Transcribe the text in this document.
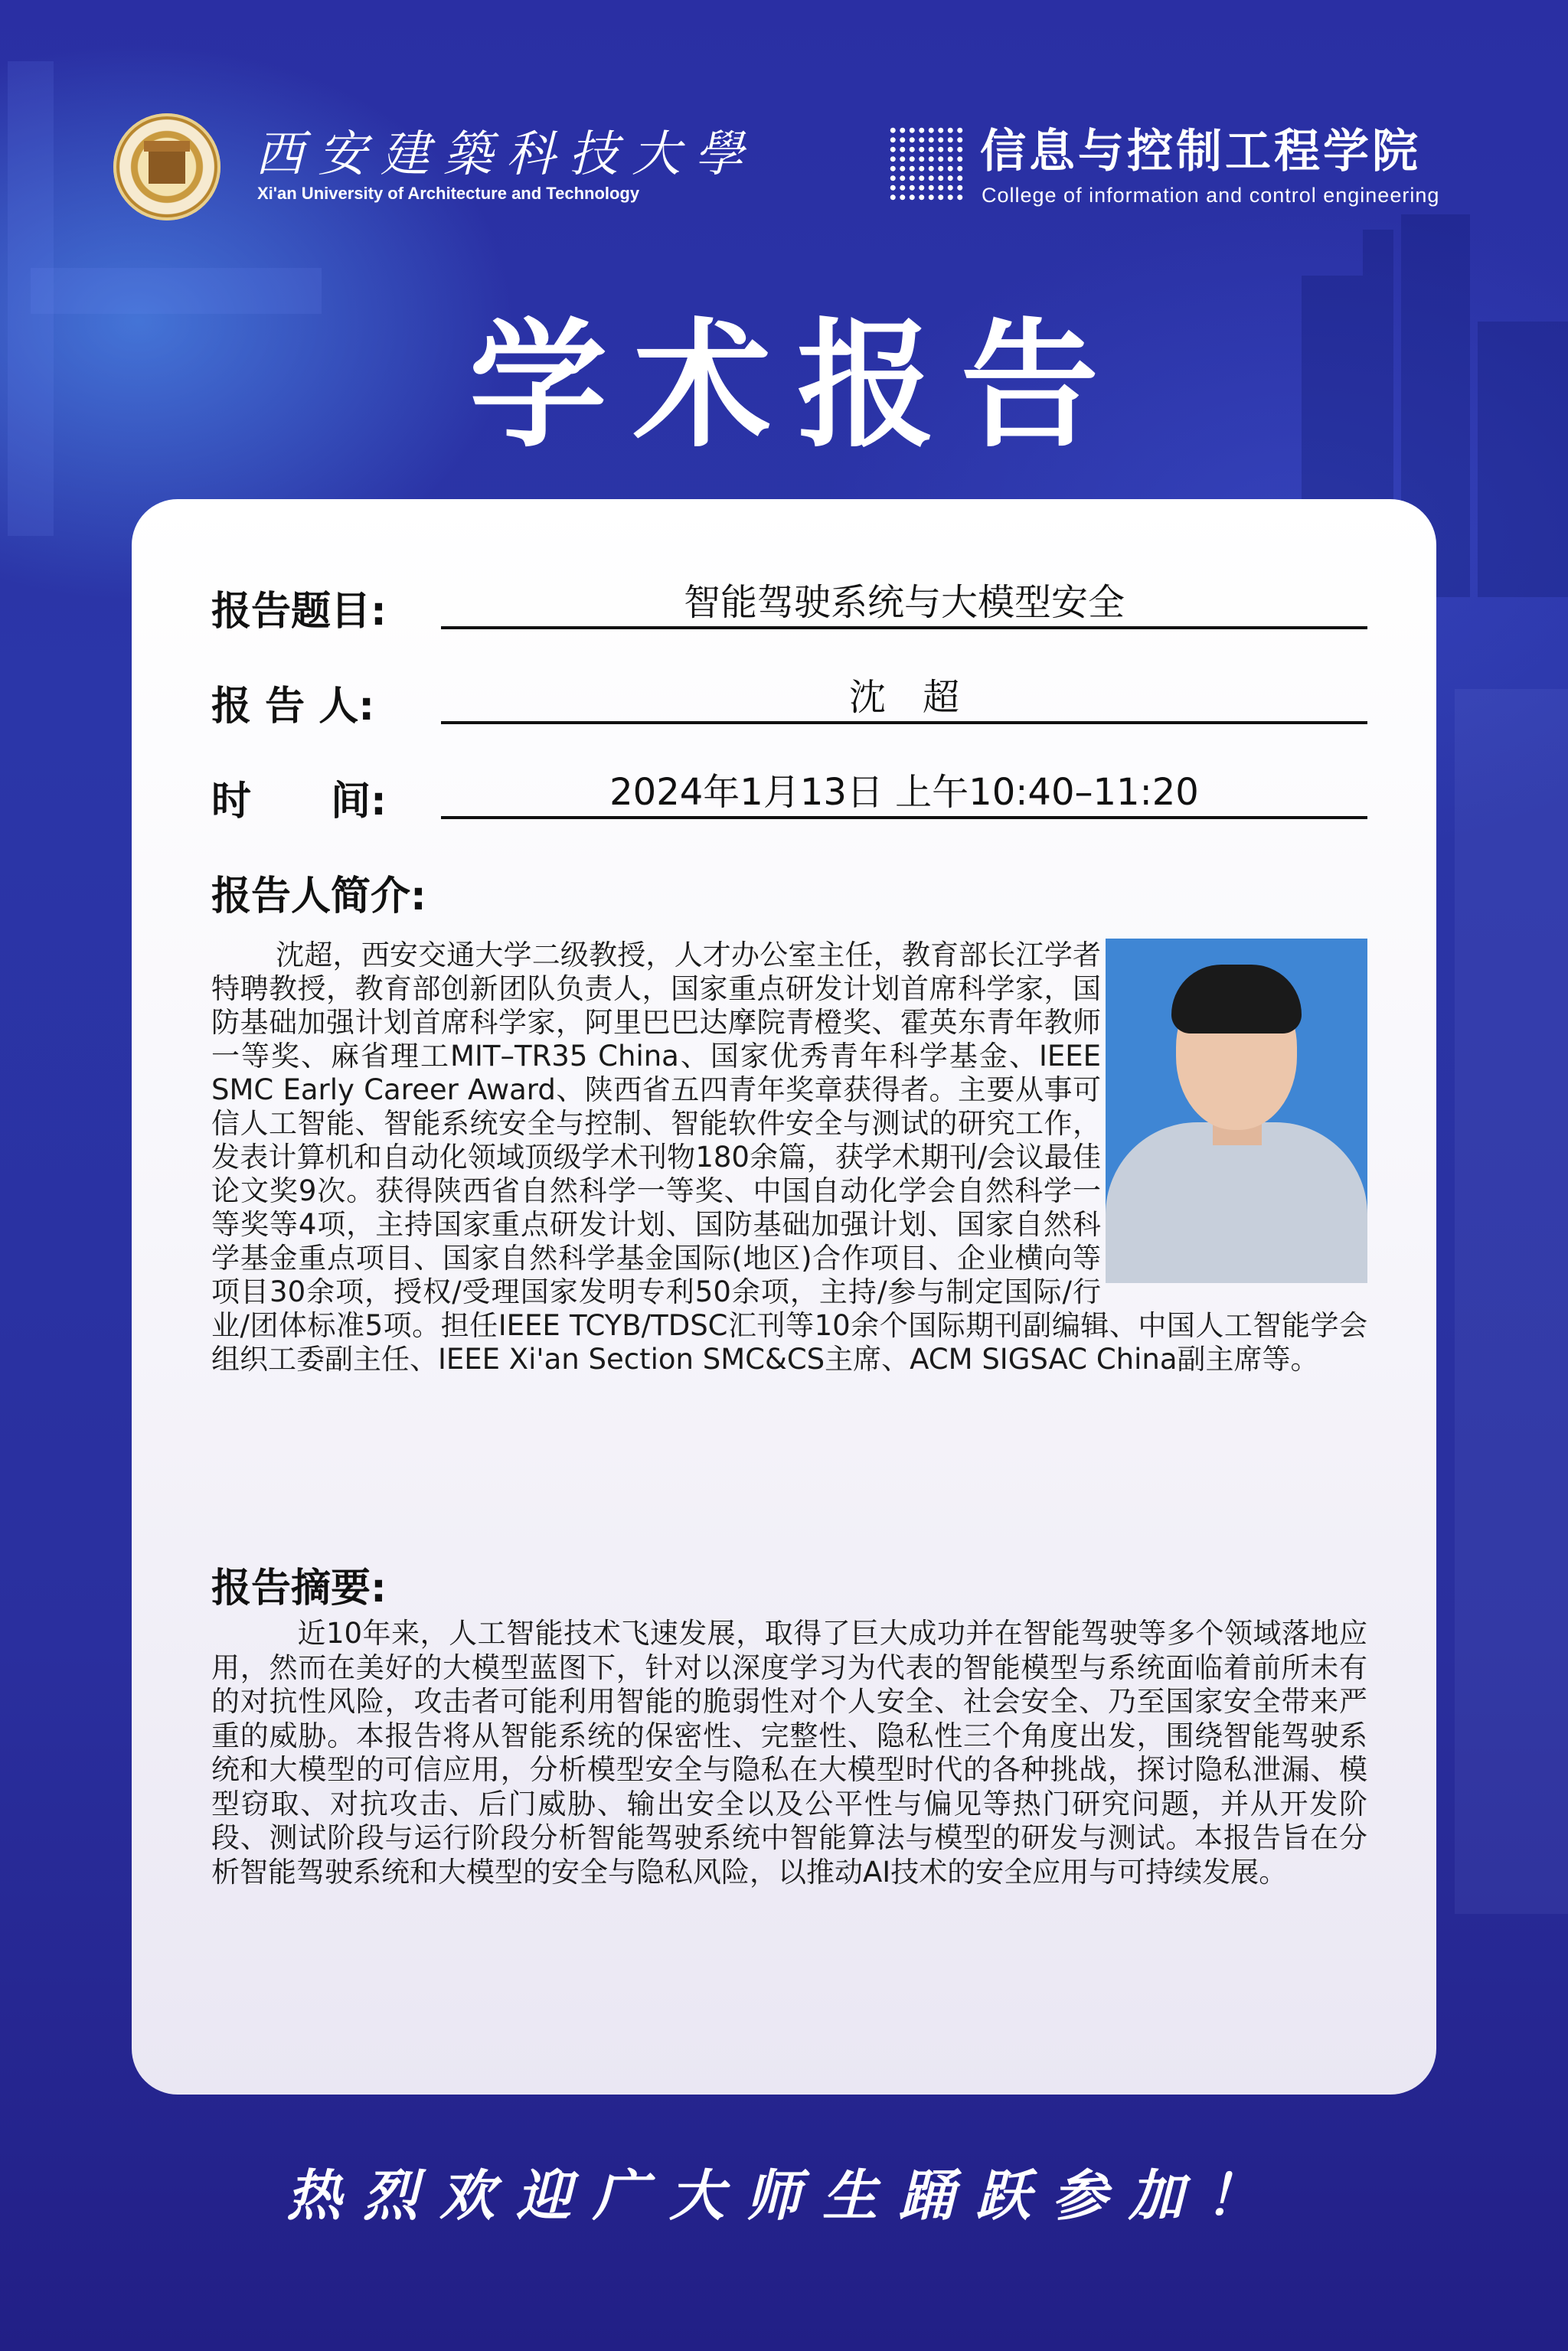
西安建築科技大學
Xi'an University of Architecture and Technology
信息与控制工程学院
College of information and control engineering
学术报告
报告题目:	智能驾驶系统与大模型安全
报 告 人:	沈　超
时　　间:	2024年1月13日 上午10:40–11:20
报告人简介:
沈超，西安交通大学二级教授，人才办公室主任，教育部长江学者特聘教授，教育部创新团队负责人，国家重点研发计划首席科学家，国防基础加强计划首席科学家，阿里巴巴达摩院青橙奖、霍英东青年教师一等奖、麻省理工MIT–TR35 China、国家优秀青年科学基金、IEEE SMC Early Career Award、陕西省五四青年奖章获得者。主要从事可信人工智能、智能系统安全与控制、智能软件安全与测试的研究工作，发表计算机和自动化领域顶级学术刊物180余篇，获学术期刊/会议最佳论文奖9次。获得陕西省自然科学一等奖、中国自动化学会自然科学一等奖等4项，主持国家重点研发计划、国防基础加强计划、国家自然科学基金重点项目、国家自然科学基金国际(地区)合作项目、企业横向等项目30余项，授权/受理国家发明专利50余项，主持/参与制定国际/行业/团体标准5项。担任IEEE TCYB/TDSC汇刊等10余个国际期刊副编辑、中国人工智能学会组织工委副主任、IEEE Xi'an Section SMC&CS主席、ACM SIGSAC China副主席等。
报告摘要:
近10年来，人工智能技术飞速发展，取得了巨大成功并在智能驾驶等多个领域落地应用，然而在美好的大模型蓝图下，针对以深度学习为代表的智能模型与系统面临着前所未有的对抗性风险，攻击者可能利用智能的脆弱性对个人安全、社会安全、乃至国家安全带来严重的威胁。本报告将从智能系统的保密性、完整性、隐私性三个角度出发，围绕智能驾驶系统和大模型的可信应用，分析模型安全与隐私在大模型时代的各种挑战，探讨隐私泄漏、模型窃取、对抗攻击、后门威胁、输出安全以及公平性与偏见等热门研究问题，并从开发阶段、测试阶段与运行阶段分析智能驾驶系统中智能算法与模型的研发与测试。本报告旨在分析智能驾驶系统和大模型的安全与隐私风险，以推动AI技术的安全应用与可持续发展。
热烈欢迎广大师生踊跃参加！
